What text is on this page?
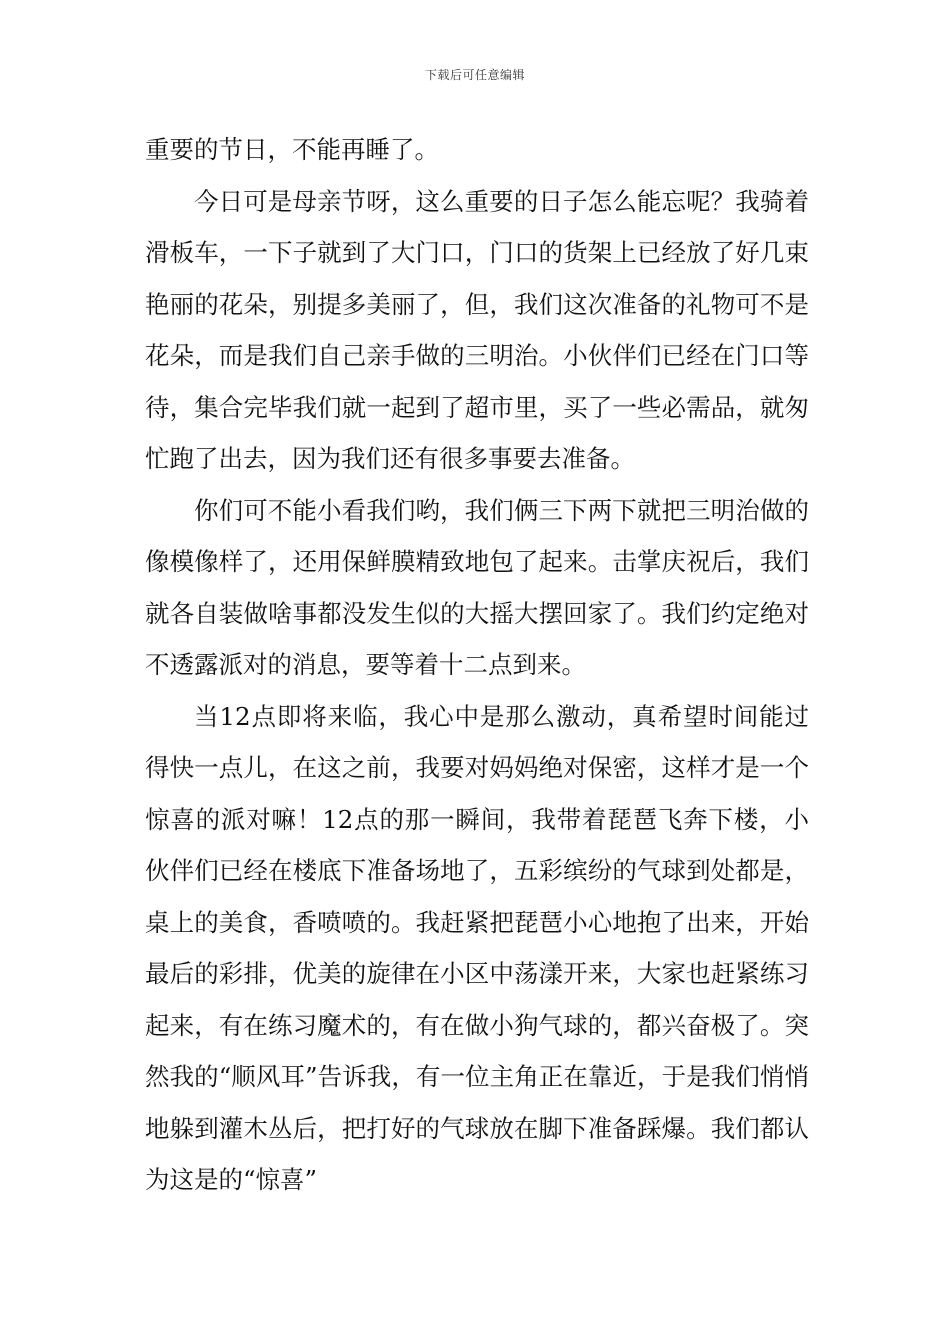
下载后可任意编辑

重要的节日，不能再睡了。

今日可是母亲节呀，这么重要的日子怎么能忘呢？我骑着滑板车，一下子就到了大门口，门口的货架上已经放了好几束艳丽的花朵，别提多美丽了，但，我们这次准备的礼物可不是花朵，而是我们自己亲手做的三明治。小伙伴们已经在门口等待，集合完毕我们就一起到了超市里，买了一些必需品，就匆忙跑了出去，因为我们还有很多事要去准备。

你们可不能小看我们哟，我们俩三下两下就把三明治做的像模像样了，还用保鲜膜精致地包了起来。击掌庆祝后，我们就各自装做啥事都没发生似的大摇大摆回家了。我们约定绝对不透露派对的消息，要等着十二点到来。

当12点即将来临，我心中是那么激动，真希望时间能过得快一点儿，在这之前，我要对妈妈绝对保密，这样才是一个惊喜的派对嘛！12点的那一瞬间，我带着琵琶飞奔下楼，小伙伴们已经在楼底下准备场地了，五彩缤纷的气球到处都是，桌上的美食，香喷喷的。我赶紧把琵琶小心地抱了出来，开始最后的彩排，优美的旋律在小区中荡漾开来，大家也赶紧练习起来，有在练习魔术的，有在做小狗气球的，都兴奋极了。突然我的“顺风耳”告诉我，有一位主角正在靠近，于是我们悄悄地躲到灌木丛后，把打好的气球放在脚下准备踩爆。我们都认为这是的“惊喜”
